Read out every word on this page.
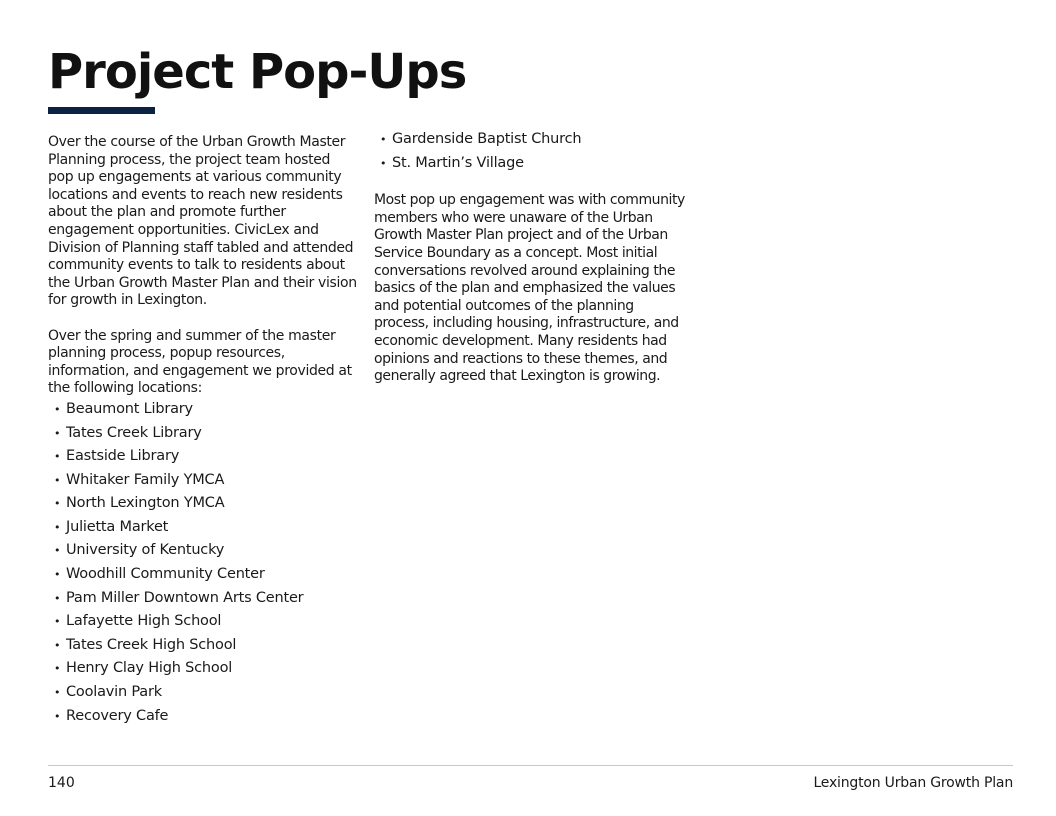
Project Pop-Ups

Over the course of the Urban Growth Master Planning process, the project team hosted pop up engagements at various community locations and events to reach new residents about the plan and promote further engagement opportunities. CivicLex and Division of Planning staff tabled and attended community events to talk to residents about the Urban Growth Master Plan and their vision for growth in Lexington.

Over the spring and summer of the master planning process, popup resources, information, and engagement we provided at the following locations:

• Beaumont Library
• Tates Creek Library
• Eastside Library
• Whitaker Family YMCA
• North Lexington YMCA
• Julietta Market
• University of Kentucky
• Woodhill Community Center
• Pam Miller Downtown Arts Center
• Lafayette High School
• Tates Creek High School
• Henry Clay High School
• Coolavin Park
• Recovery Cafe
• Gardenside Baptist Church
• St. Martin’s Village

Most pop up engagement was with community members who were unaware of the Urban Growth Master Plan project and of the Urban Service Boundary as a concept. Most initial conversations revolved around explaining the basics of the plan and emphasized the values and potential outcomes of the planning process, including housing, infrastructure, and economic development. Many residents had opinions and reactions to these themes, and generally agreed that Lexington is growing.

140	Lexington Urban Growth Plan
